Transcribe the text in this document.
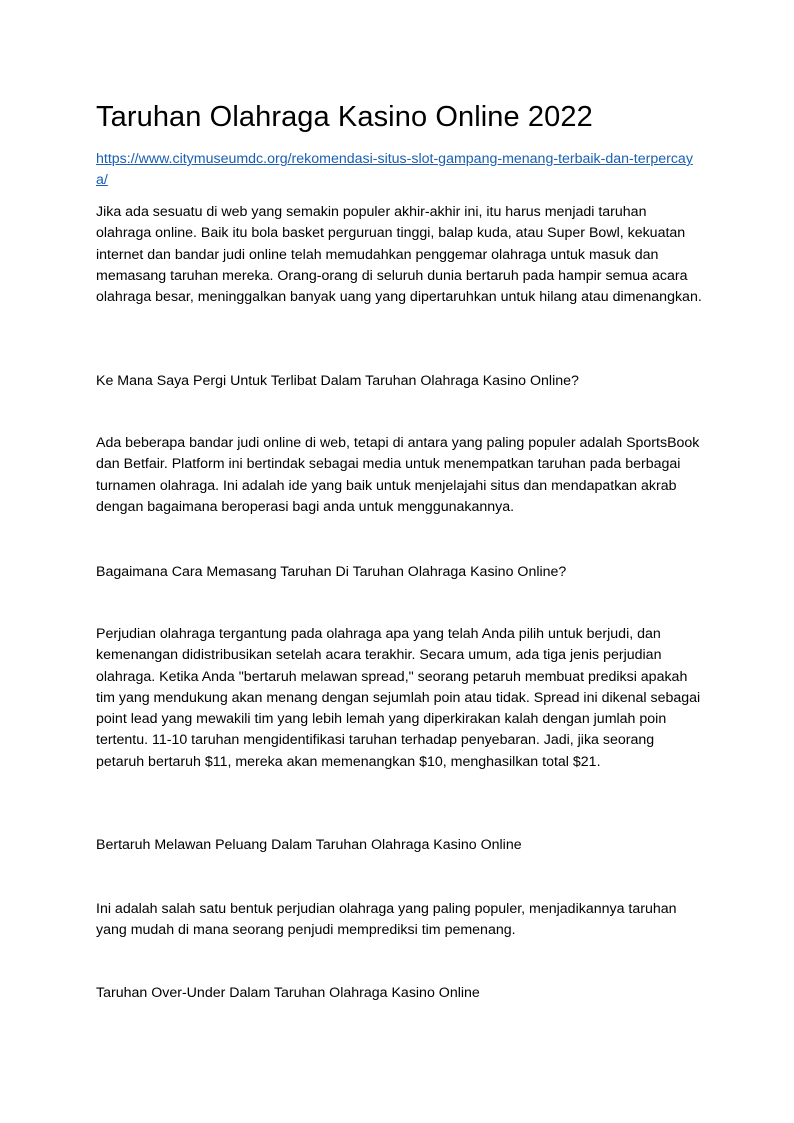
Taruhan Olahraga Kasino Online 2022
https://www.citymuseumdc.org/rekomendasi-situs-slot-gampang-menang-terbaik-dan-terpercaya/

Jika ada sesuatu di web yang semakin populer akhir-akhir ini, itu harus menjadi taruhan olahraga online. Baik itu bola basket perguruan tinggi, balap kuda, atau Super Bowl, kekuatan internet dan bandar judi online telah memudahkan penggemar olahraga untuk masuk dan memasang taruhan mereka. Orang-orang di seluruh dunia bertaruh pada hampir semua acara olahraga besar, meninggalkan banyak uang yang dipertaruhkan untuk hilang atau dimenangkan.

Ke Mana Saya Pergi Untuk Terlibat Dalam Taruhan Olahraga Kasino Online?

Ada beberapa bandar judi online di web, tetapi di antara yang paling populer adalah SportsBook dan Betfair. Platform ini bertindak sebagai media untuk menempatkan taruhan pada berbagai turnamen olahraga. Ini adalah ide yang baik untuk menjelajahi situs dan mendapatkan akrab dengan bagaimana beroperasi bagi anda untuk menggunakannya.

Bagaimana Cara Memasang Taruhan Di Taruhan Olahraga Kasino Online?

Perjudian olahraga tergantung pada olahraga apa yang telah Anda pilih untuk berjudi, dan kemenangan didistribusikan setelah acara terakhir. Secara umum, ada tiga jenis perjudian olahraga. Ketika Anda "bertaruh melawan spread," seorang petaruh membuat prediksi apakah tim yang mendukung akan menang dengan sejumlah poin atau tidak. Spread ini dikenal sebagai point lead yang mewakili tim yang lebih lemah yang diperkirakan kalah dengan jumlah poin tertentu. 11-10 taruhan mengidentifikasi taruhan terhadap penyebaran. Jadi, jika seorang petaruh bertaruh $11, mereka akan memenangkan $10, menghasilkan total $21.

Bertaruh Melawan Peluang Dalam Taruhan Olahraga Kasino Online

Ini adalah salah satu bentuk perjudian olahraga yang paling populer, menjadikannya taruhan yang mudah di mana seorang penjudi memprediksi tim pemenang.

Taruhan Over-Under Dalam Taruhan Olahraga Kasino Online
